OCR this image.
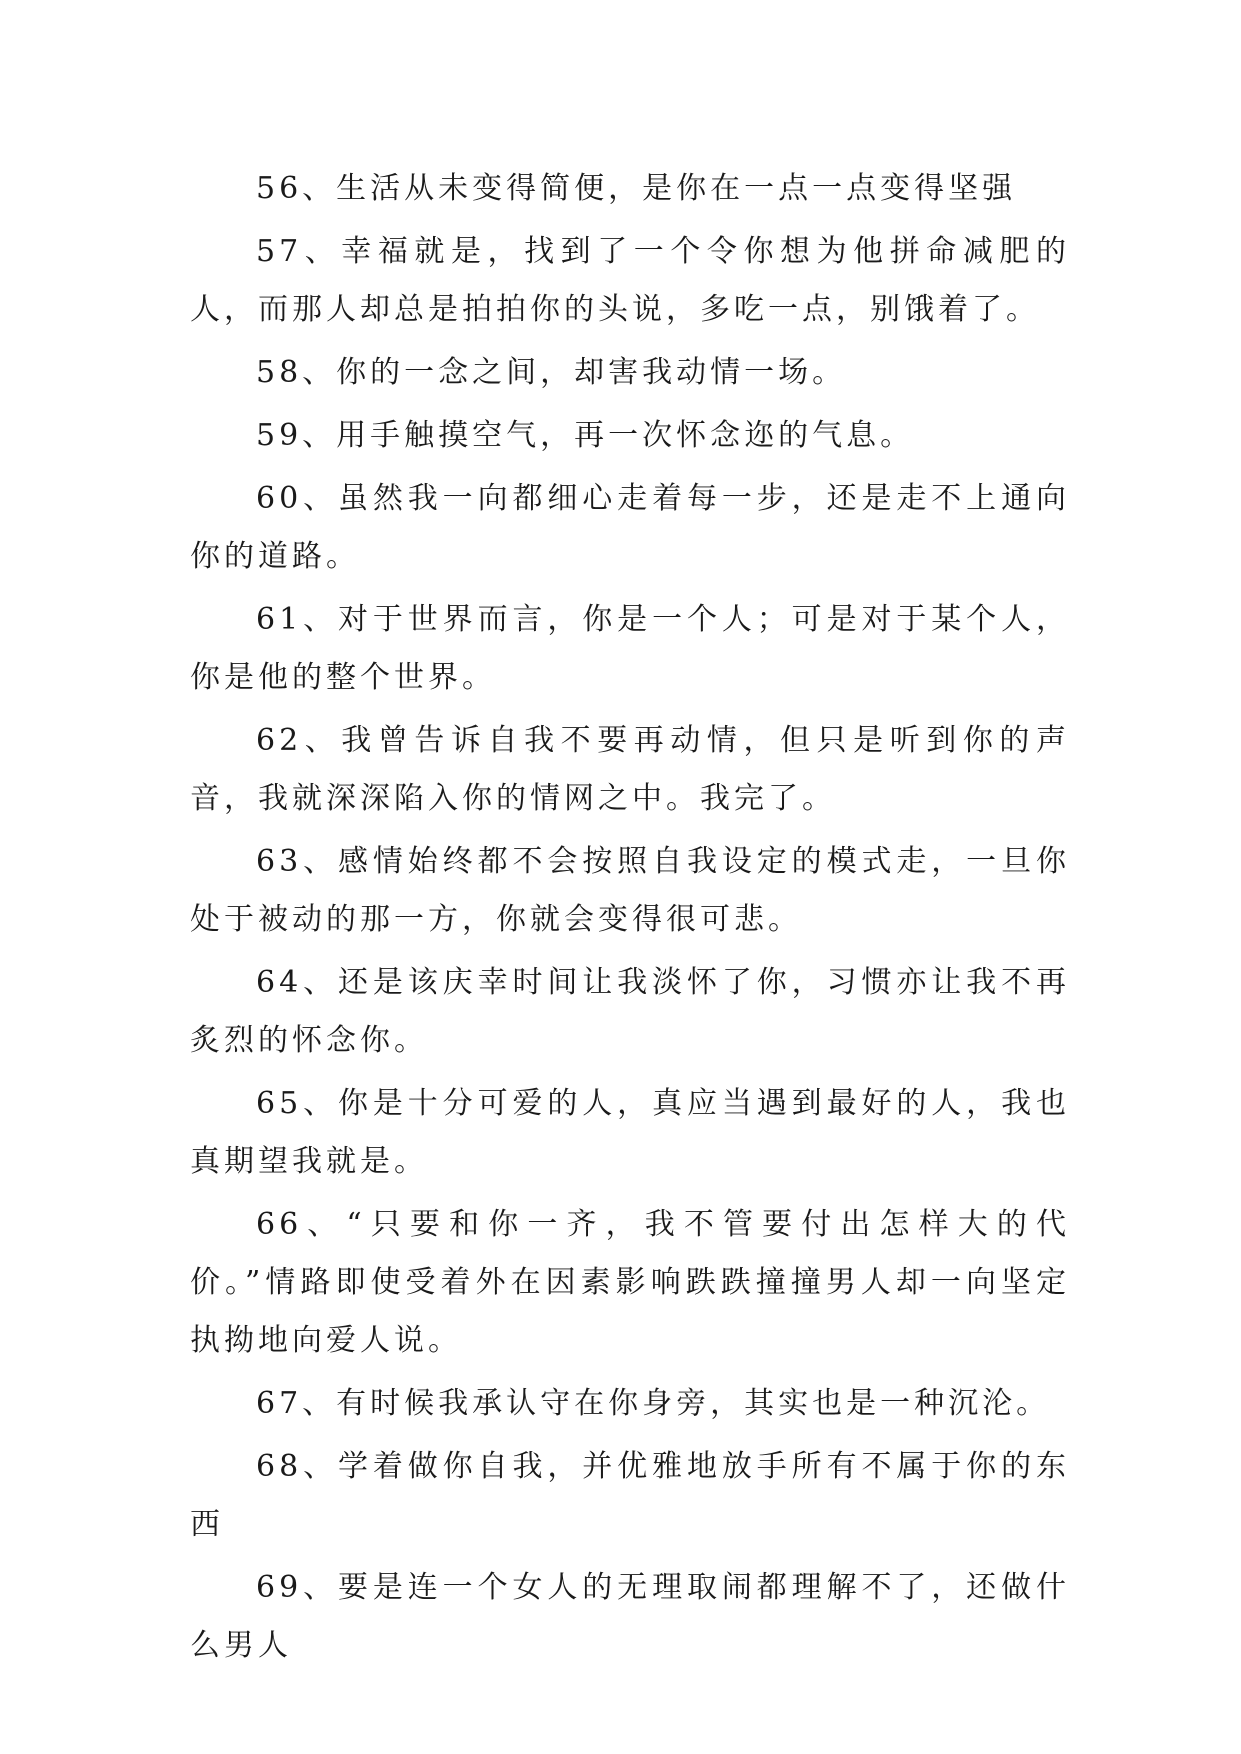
56、生活从未变得简便，是你在一点一点变得坚强

57、幸福就是，找到了一个令你想为他拼命减肥的人，而那人却总是拍拍你的头说，多吃一点，别饿着了。

58、你的一念之间，却害我动情一场。

59、用手触摸空气，再一次怀念迩的气息。

60、虽然我一向都细心走着每一步，还是走不上通向你的道路。

61、对于世界而言，你是一个人；可是对于某个人，你是他的整个世界。

62、我曾告诉自我不要再动情，但只是听到你的声音，我就深深陷入你的情网之中。我完了。

63、感情始终都不会按照自我设定的模式走，一旦你处于被动的那一方，你就会变得很可悲。

64、还是该庆幸时间让我淡怀了你，习惯亦让我不再炙烈的怀念你。

65、你是十分可爱的人，真应当遇到最好的人，我也真期望我就是。

66、“只要和你一齐，我不管要付出怎样大的代价。”情路即使受着外在因素影响跌跌撞撞男人却一向坚定执拗地向爱人说。

67、有时候我承认守在你身旁，其实也是一种沉沦。

68、学着做你自我，并优雅地放手所有不属于你的东西

69、要是连一个女人的无理取闹都理解不了，还做什么男人
